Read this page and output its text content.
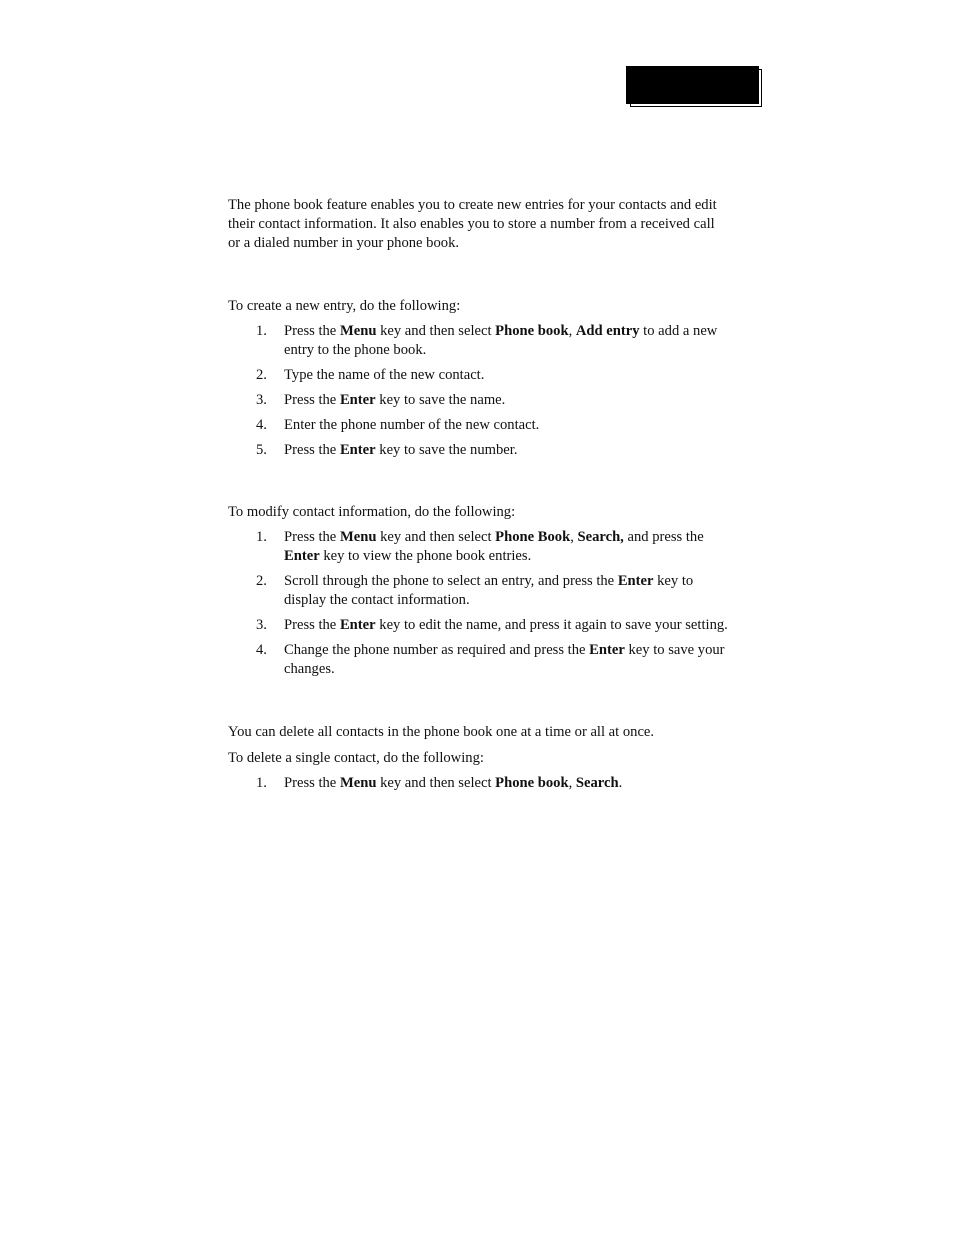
The phone book feature enables you to create new entries for your contacts and edit their contact information. It also enables you to store a number from a received call or a dialed number in your phone book.

To create a new entry, do the following:

1. Press the Menu key and then select Phone book, Add entry to add a new entry to the phone book.
2. Type the name of the new contact.
3. Press the Enter key to save the name.
4. Enter the phone number of the new contact.
5. Press the Enter key to save the number.

To modify contact information, do the following:

1. Press the Menu key and then select Phone Book, Search, and press the Enter key to view the phone book entries.
2. Scroll through the phone to select an entry, and press the Enter key to display the contact information.
3. Press the Enter key to edit the name, and press it again to save your setting.
4. Change the phone number as required and press the Enter key to save your changes.

You can delete all contacts in the phone book one at a time or all at once.

To delete a single contact, do the following:

1. Press the Menu key and then select Phone book, Search.
